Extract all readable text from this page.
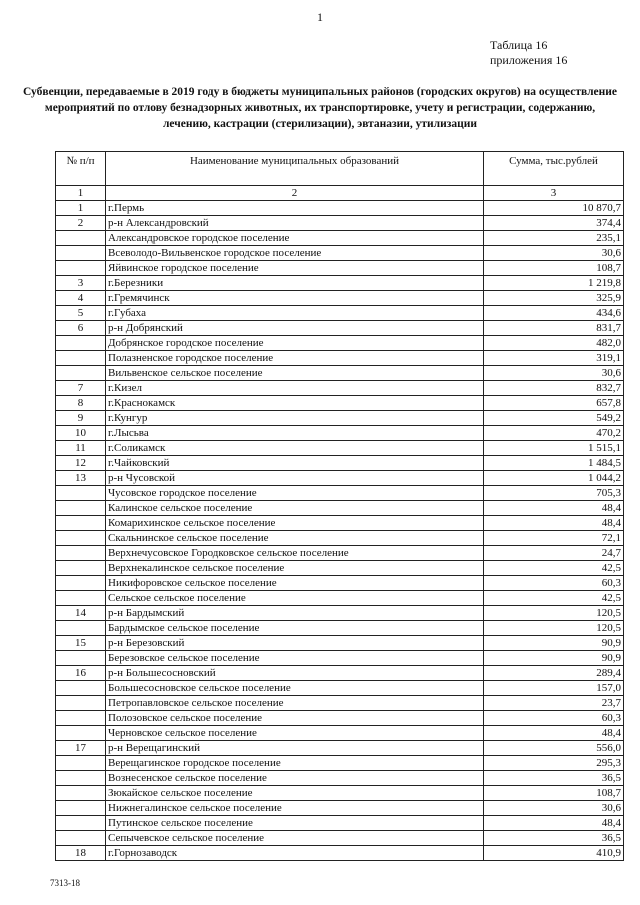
1
Таблица 16
приложения 16
Субвенции, передаваемые в 2019 году в бюджеты муниципальных районов (городских округов) на осуществление мероприятий по отлову безнадзорных животных, их транспортировке, учету и регистрации, содержанию, лечению, кастрации (стерилизации), эвтаназии, утилизации
№ п/п	Наименование муниципальных образований	Сумма, тыс.рублей
1	2	3
1	г.Пермь	10 870,7
2	р-н Александровский	374,4
	Александровское городское поселение	235,1
	Всеволодо-Вильвенское городское поселение	30,6
	Яйвинское городское поселение	108,7
3	г.Березники	1 219,8
4	г.Гремячинск	325,9
5	г.Губаха	434,6
6	р-н Добрянский	831,7
	Добрянское городское поселение	482,0
	Полазненское городское поселение	319,1
	Вильвенское сельское поселение	30,6
7	г.Кизел	832,7
8	г.Краснокамск	657,8
9	г.Кунгур	549,2
10	г.Лысьва	470,2
11	г.Соликамск	1 515,1
12	г.Чайковский	1 484,5
13	р-н Чусовской	1 044,2
	Чусовское городское поселение	705,3
	Калинское сельское поселение	48,4
	Комарихинское сельское поселение	48,4
	Скальнинское сельское поселение	72,1
	Верхнечусовское Городковское сельское поселение	24,7
	Верхнекалинское сельское поселение	42,5
	Никифоровское сельское поселение	60,3
	Сельское сельское поселение	42,5
14	р-н Бардымский	120,5
	Бардымское сельское поселение	120,5
15	р-н Березовский	90,9
	Березовское сельское поселение	90,9
16	р-н Большесосновский	289,4
	Большесосновское сельское поселение	157,0
	Петропавловское сельское поселение	23,7
	Полозовское сельское поселение	60,3
	Черновское сельское поселение	48,4
17	р-н Верещагинский	556,0
	Верещагинское городское поселение	295,3
	Вознесенское сельское поселение	36,5
	Зюкайское сельское поселение	108,7
	Нижнегалинское сельское поселение	30,6
	Путинское сельское поселение	48,4
	Сепычевское сельское поселение	36,5
18	г.Горнозаводск	410,9
7313-18
